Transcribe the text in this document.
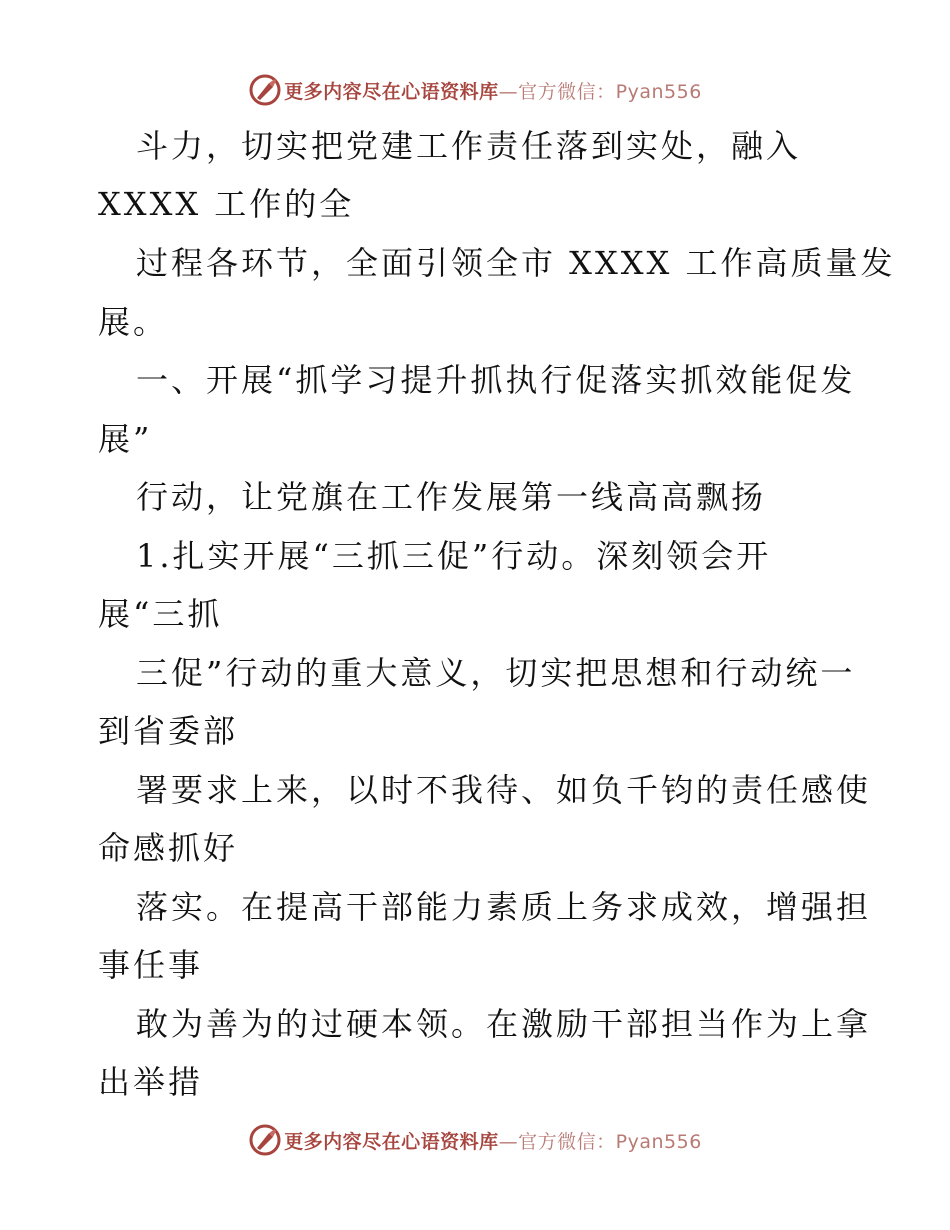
更多内容尽在心语资料库—官方微信：Pyan556
斗力，切实把党建工作责任落到实处，融入
XXXX 工作的全
过程各环节，全面引领全市 XXXX 工作高质量发
展。
一、开展“抓学习提升抓执行促落实抓效能促发
展”
行动，让党旗在工作发展第一线高高飘扬
1.扎实开展“三抓三促”行动。深刻领会开
展“三抓
三促”行动的重大意义，切实把思想和行动统一
到省委部
署要求上来，以时不我待、如负千钧的责任感使
命感抓好
落实。在提高干部能力素质上务求成效，增强担
事任事
敢为善为的过硬本领。在激励干部担当作为上拿
出举措
更多内容尽在心语资料库—官方微信：Pyan556
